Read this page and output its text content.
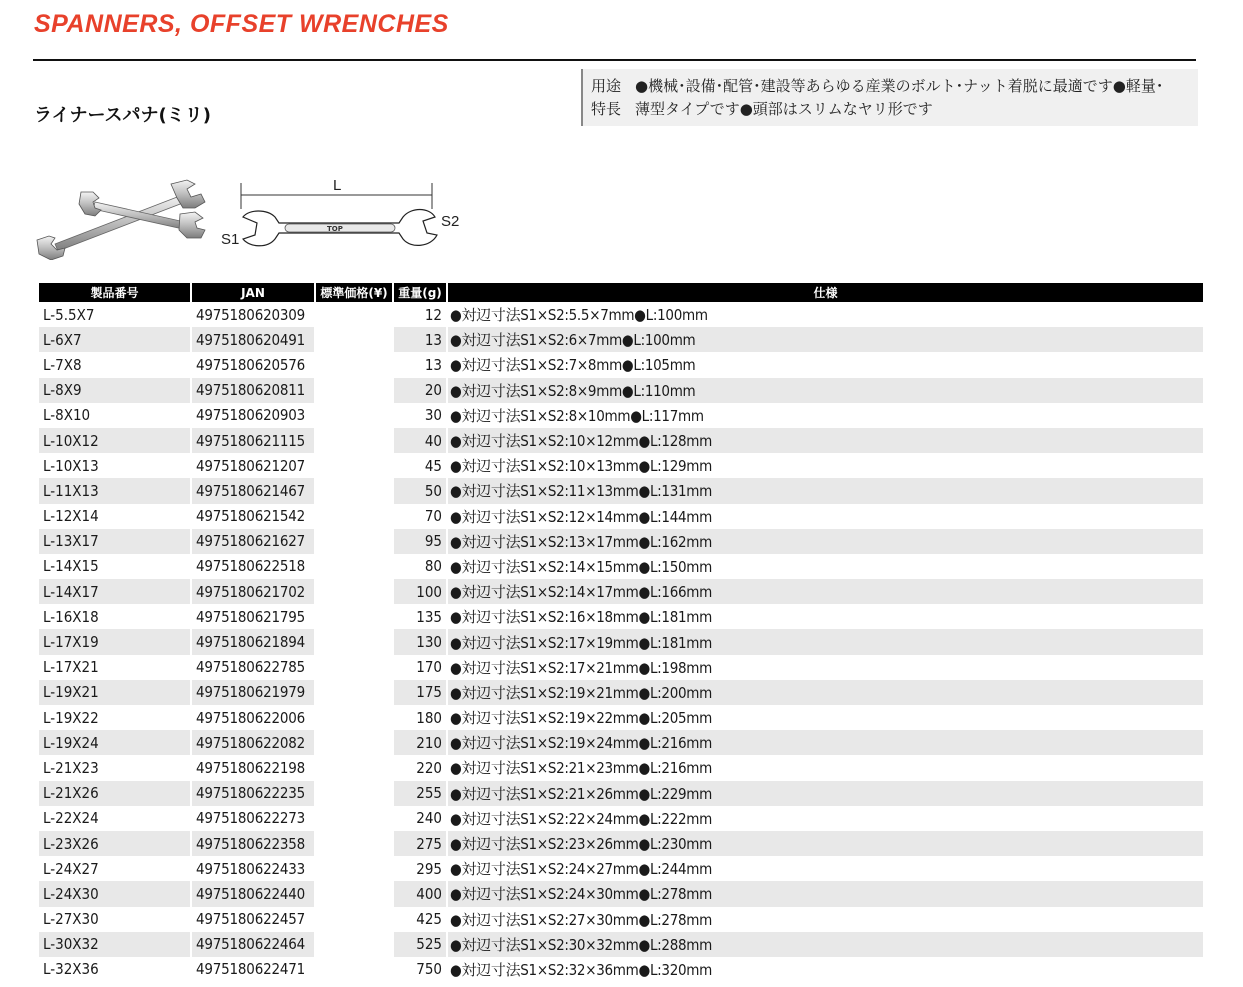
SPANNERS, OFFSET WRENCHES
ライナースパナ(ミリ)
用途 ●機械･設備･配管･建設等あらゆる産業のボルト･ナット着脱に最適です●軽量･
特長 薄型タイプです●頭部はスリムなヤリ形です
L
TOP
S1
S2
製品番号	JAN	標準価格(¥)	重量(g)	仕様
L-5.5X7	4975180620309		12	●対辺寸法S1×S2:5.5×7mm●L:100mm
L-6X7	4975180620491		13	●対辺寸法S1×S2:6×7mm●L:100mm
L-7X8	4975180620576		13	●対辺寸法S1×S2:7×8mm●L:105mm
L-8X9	4975180620811		20	●対辺寸法S1×S2:8×9mm●L:110mm
L-8X10	4975180620903		30	●対辺寸法S1×S2:8×10mm●L:117mm
L-10X12	4975180621115		40	●対辺寸法S1×S2:10×12mm●L:128mm
L-10X13	4975180621207		45	●対辺寸法S1×S2:10×13mm●L:129mm
L-11X13	4975180621467		50	●対辺寸法S1×S2:11×13mm●L:131mm
L-12X14	4975180621542		70	●対辺寸法S1×S2:12×14mm●L:144mm
L-13X17	4975180621627		95	●対辺寸法S1×S2:13×17mm●L:162mm
L-14X15	4975180622518		80	●対辺寸法S1×S2:14×15mm●L:150mm
L-14X17	4975180621702		100	●対辺寸法S1×S2:14×17mm●L:166mm
L-16X18	4975180621795		135	●対辺寸法S1×S2:16×18mm●L:181mm
L-17X19	4975180621894		130	●対辺寸法S1×S2:17×19mm●L:181mm
L-17X21	4975180622785		170	●対辺寸法S1×S2:17×21mm●L:198mm
L-19X21	4975180621979		175	●対辺寸法S1×S2:19×21mm●L:200mm
L-19X22	4975180622006		180	●対辺寸法S1×S2:19×22mm●L:205mm
L-19X24	4975180622082		210	●対辺寸法S1×S2:19×24mm●L:216mm
L-21X23	4975180622198		220	●対辺寸法S1×S2:21×23mm●L:216mm
L-21X26	4975180622235		255	●対辺寸法S1×S2:21×26mm●L:229mm
L-22X24	4975180622273		240	●対辺寸法S1×S2:22×24mm●L:222mm
L-23X26	4975180622358		275	●対辺寸法S1×S2:23×26mm●L:230mm
L-24X27	4975180622433		295	●対辺寸法S1×S2:24×27mm●L:244mm
L-24X30	4975180622440		400	●対辺寸法S1×S2:24×30mm●L:278mm
L-27X30	4975180622457		425	●対辺寸法S1×S2:27×30mm●L:278mm
L-30X32	4975180622464		525	●対辺寸法S1×S2:30×32mm●L:288mm
L-32X36	4975180622471		750	●対辺寸法S1×S2:32×36mm●L:320mm
